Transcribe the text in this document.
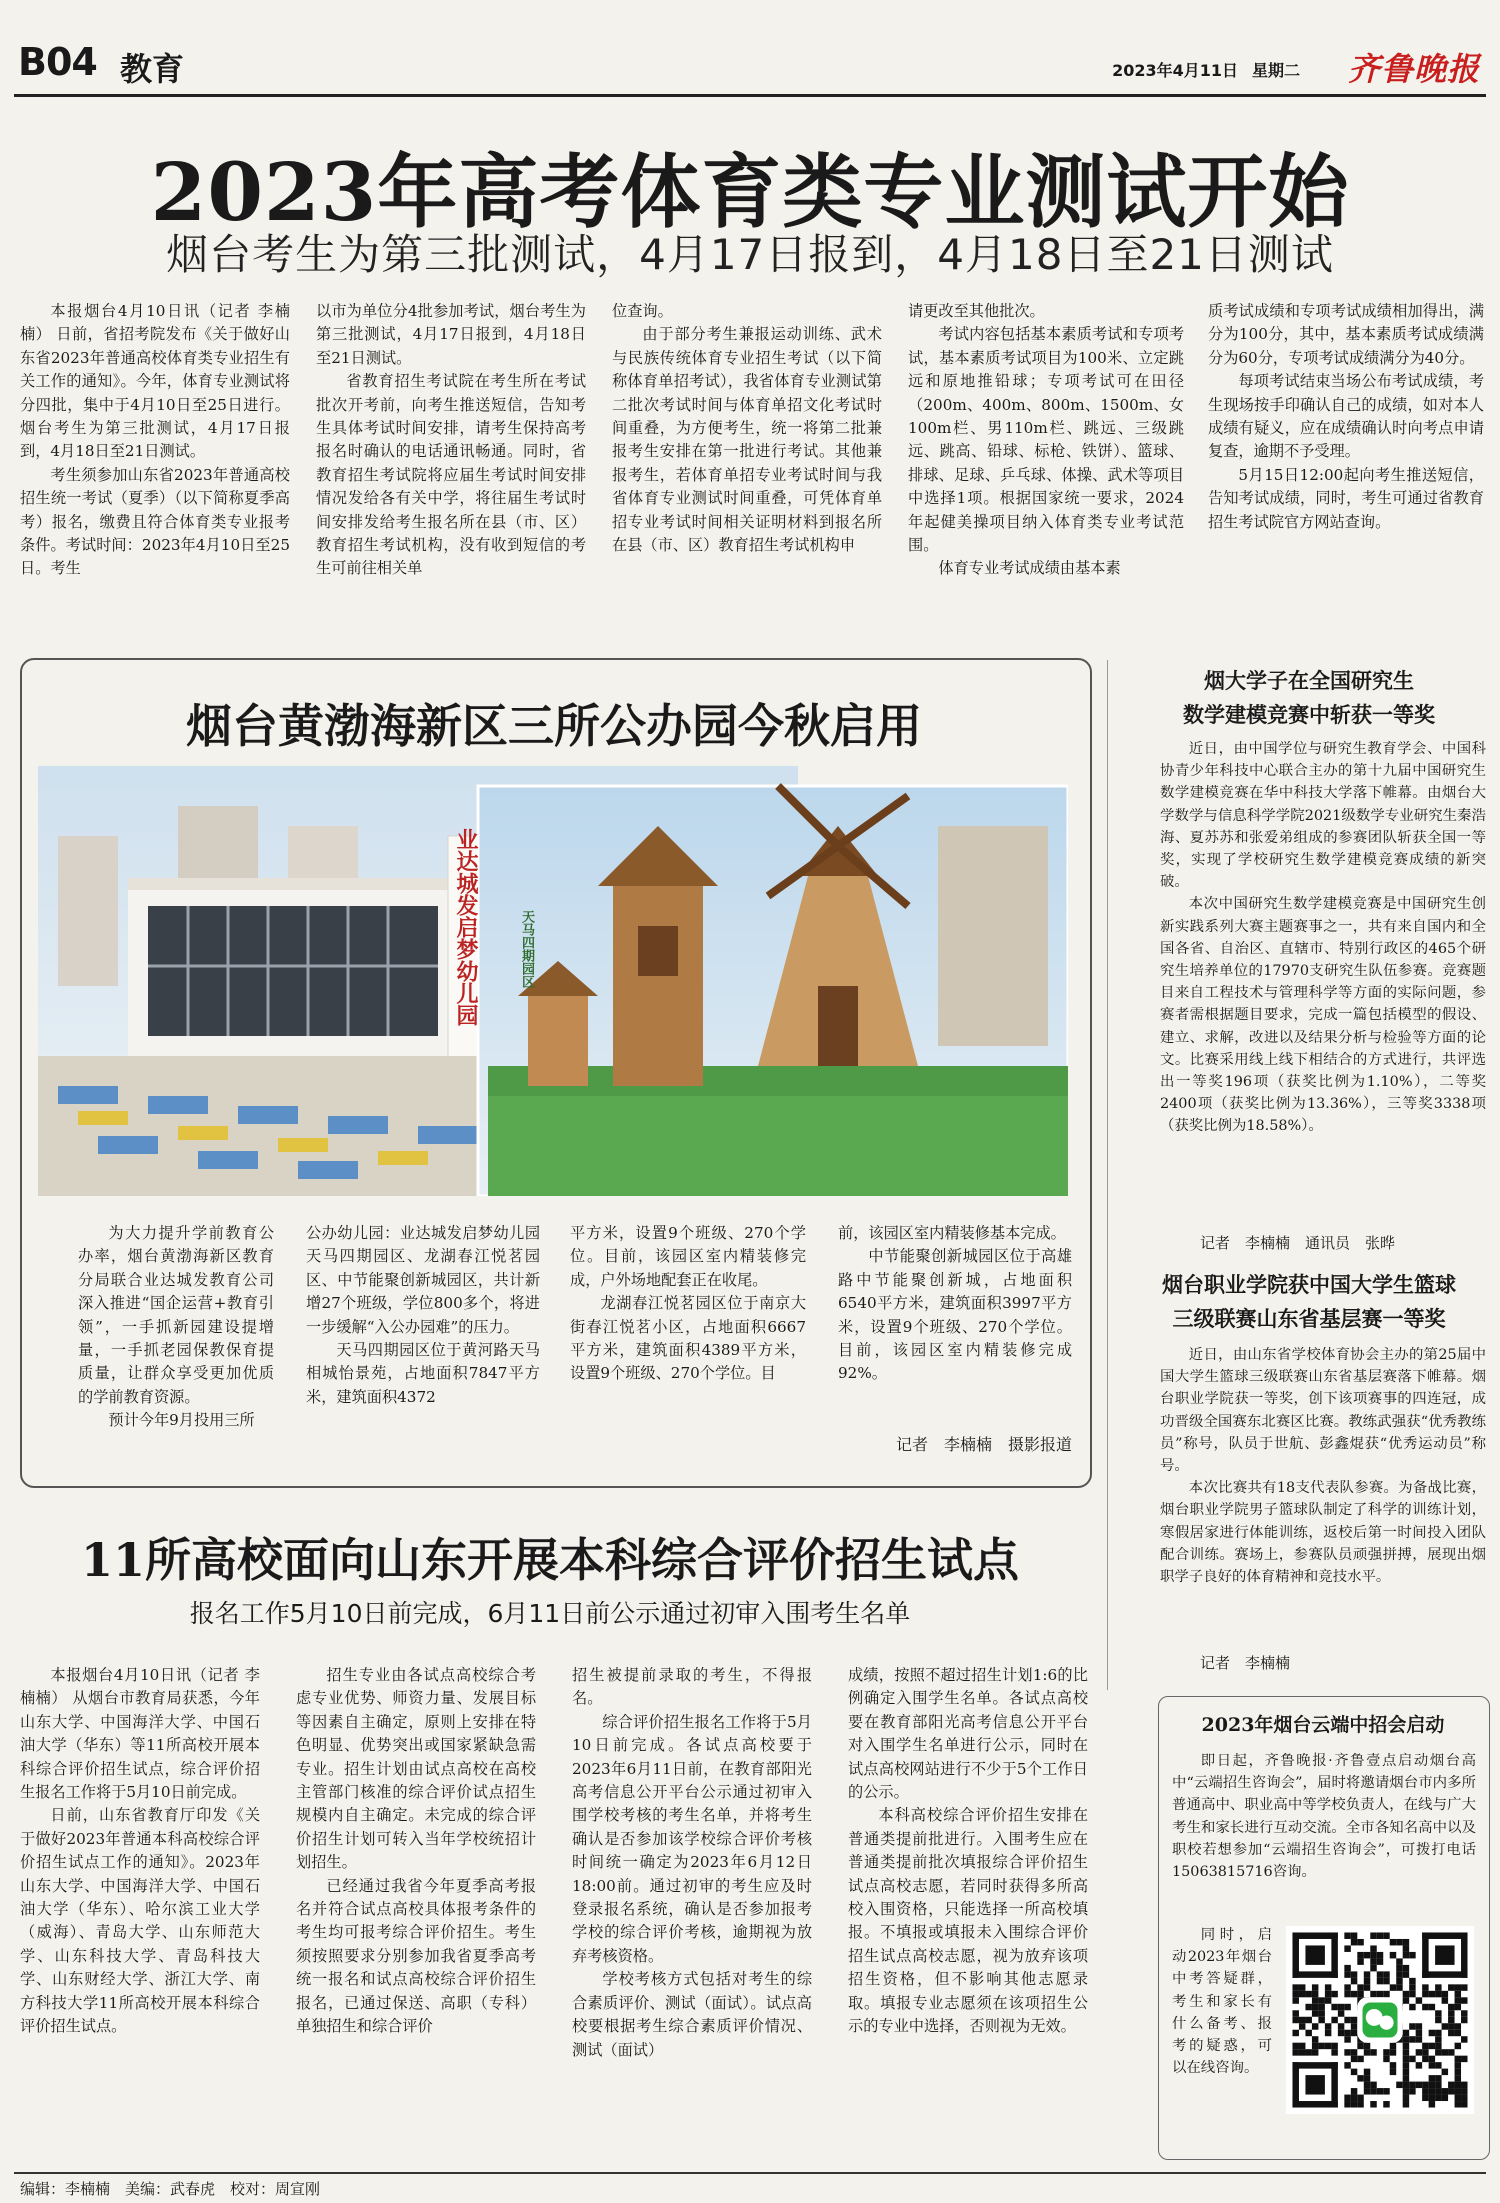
B04 教育	2023年4月11日 星期二 齐鲁晚报
2023年高考体育类专业测试开始
烟台考生为第三批测试，4月17日报到，4月18日至21日测试

本报烟台4月10日讯（记者 李楠楠） 日前，省招考院发布《关于做好山东省2023年普通高校体育类专业招生有关工作的通知》。今年，体育专业测试将分四批，集中于4月10日至25日进行。烟台考生为第三批测试，4月17日报到，4月18日至21日测试。

考生须参加山东省2023年普通高校招生统一考试（夏季）（以下简称夏季高考）报名，缴费且符合体育类专业报考条件。考试时间：2023年4月10日至25日。考生

以市为单位分4批参加考试，烟台考生为第三批测试，4月17日报到，4月18日至21日测试。

省教育招生考试院在考生所在考试批次开考前，向考生推送短信，告知考生具体考试时间安排，请考生保持高考报名时确认的电话通讯畅通。同时，省教育招生考试院将应届生考试时间安排情况发给各有关中学，将往届生考试时间安排发给考生报名所在县（市、区）教育招生考试机构，没有收到短信的考生可前往相关单

位查询。

由于部分考生兼报运动训练、武术与民族传统体育专业招生考试（以下简称体育单招考试），我省体育专业测试第二批次考试时间与体育单招文化考试时间重叠，为方便考生，统一将第二批兼报考生安排在第一批进行考试。其他兼报考生，若体育单招专业考试时间与我省体育专业测试时间重叠，可凭体育单招专业考试时间相关证明材料到报名所在县（市、区）教育招生考试机构申

请更改至其他批次。

考试内容包括基本素质考试和专项考试，基本素质考试项目为100米、立定跳远和原地推铅球；专项考试可在田径（200m、400m、800m、1500m、女100m栏、男110m栏、跳远、三级跳远、跳高、铅球、标枪、铁饼）、篮球、排球、足球、乒乓球、体操、武术等项目中选择1项。根据国家统一要求，2024年起健美操项目纳入体育类专业考试范围。

体育专业考试成绩由基本素

质考试成绩和专项考试成绩相加得出，满分为100分，其中，基本素质考试成绩满分为60分，专项考试成绩满分为40分。

每项考试结束当场公布考试成绩，考生现场按手印确认自己的成绩，如对本人成绩有疑义，应在成绩确认时向考点申请复查，逾期不予受理。

5月15日12:00起向考生推送短信，告知考试成绩，同时，考生可通过省教育招生考试院官方网站查询。

烟台黄渤海新区三所公办园今秋启用
业达城发启梦幼儿园	天马四期园区

为大力提升学前教育公办率，烟台黄渤海新区教育分局联合业达城发教育公司深入推进“国企运营+教育引领”，一手抓新园建设提增量，一手抓老园保教保育提质量，让群众享受更加优质的学前教育资源。

预计今年9月投用三所

公办幼儿园：业达城发启梦幼儿园天马四期园区、龙湖春江悦茗园区、中节能聚创新城园区，共计新增27个班级，学位800多个，将进一步缓解“入公办园难”的压力。

天马四期园区位于黄河路天马相城怡景苑，占地面积7847平方米，建筑面积4372

平方米，设置9个班级、270个学位。目前，该园区室内精装修完成，户外场地配套正在收尾。

龙湖春江悦茗园区位于南京大街春江悦茗小区，占地面积6667平方米，建筑面积4389平方米，设置9个班级、270个学位。目

前，该园区室内精装修基本完成。

中节能聚创新城园区位于高雄路中节能聚创新城，占地面积6540平方米，建筑面积3997平方米，设置9个班级、270个学位。目前，该园区室内精装修完成92%。

记者　李楠楠　摄影报道
烟大学子在全国研究生
数学建模竞赛中斩获一等奖

近日，由中国学位与研究生教育学会、中国科协青少年科技中心联合主办的第十九届中国研究生数学建模竞赛在华中科技大学落下帷幕。由烟台大学数学与信息科学学院2021级数学专业研究生秦浩海、夏苏苏和张爱弟组成的参赛团队斩获全国一等奖，实现了学校研究生数学建模竞赛成绩的新突破。

本次中国研究生数学建模竞赛是中国研究生创新实践系列大赛主题赛事之一，共有来自国内和全国各省、自治区、直辖市、特别行政区的465个研究生培养单位的17970支研究生队伍参赛。竞赛题目来自工程技术与管理科学等方面的实际问题，参赛者需根据题目要求，完成一篇包括模型的假设、建立、求解，改进以及结果分析与检验等方面的论文。比赛采用线上线下相结合的方式进行，共评选出一等奖196项（获奖比例为1.10%），二等奖2400项（获奖比例为13.36%），三等奖3338项（获奖比例为18.58%）。

记者　李楠楠　通讯员　张晔
烟台职业学院获中国大学生篮球
三级联赛山东省基层赛一等奖

近日，由山东省学校体育协会主办的第25届中国大学生篮球三级联赛山东省基层赛落下帷幕。烟台职业学院获一等奖，创下该项赛事的四连冠，成功晋级全国赛东北赛区比赛。教练武强获“优秀教练员”称号，队员于世航、彭鑫焜获“优秀运动员”称号。

本次比赛共有18支代表队参赛。为备战比赛，烟台职业学院男子篮球队制定了科学的训练计划，寒假居家进行体能训练，返校后第一时间投入团队配合训练。赛场上，参赛队员顽强拼搏，展现出烟职学子良好的体育精神和竞技水平。

记者　李楠楠
2023年烟台云端中招会启动

即日起，齐鲁晚报·齐鲁壹点启动烟台高中“云端招生咨询会”，届时将邀请烟台市内多所普通高中、职业高中等学校负责人，在线与广大考生和家长进行互动交流。全市各知名高中以及职校若想参加“云端招生咨询会”，可拨打电话15063815716咨询。

同时，启动2023年烟台中考答疑群，考生和家长有什么备考、报考的疑惑，可以在线咨询。

11所高校面向山东开展本科综合评价招生试点
报名工作5月10日前完成，6月11日前公示通过初审入围考生名单

本报烟台4月10日讯（记者 李楠楠） 从烟台市教育局获悉，今年山东大学、中国海洋大学、中国石油大学（华东）等11所高校开展本科综合评价招生试点，综合评价招生报名工作将于5月10日前完成。

日前，山东省教育厅印发《关于做好2023年普通本科高校综合评价招生试点工作的通知》。2023年山东大学、中国海洋大学、中国石油大学（华东）、哈尔滨工业大学（威海）、青岛大学、山东师范大学、山东科技大学、青岛科技大学、山东财经大学、浙江大学、南方科技大学11所高校开展本科综合评价招生试点。

招生专业由各试点高校综合考虑专业优势、师资力量、发展目标等因素自主确定，原则上安排在特色明显、优势突出或国家紧缺急需专业。招生计划由试点高校在高校主管部门核准的综合评价试点招生规模内自主确定。未完成的综合评价招生计划可转入当年学校统招计划招生。

已经通过我省今年夏季高考报名并符合试点高校具体报考条件的考生均可报考综合评价招生。考生须按照要求分别参加我省夏季高考统一报名和试点高校综合评价招生报名，已通过保送、高职（专科）单独招生和综合评价

招生被提前录取的考生，不得报名。

综合评价招生报名工作将于5月10日前完成。各试点高校要于2023年6月11日前，在教育部阳光高考信息公开平台公示通过初审入围学校考核的考生名单，并将考生确认是否参加该学校综合评价考核时间统一确定为2023年6月12日18:00前。通过初审的考生应及时登录报名系统，确认是否参加报考学校的综合评价考核，逾期视为放弃考核资格。

学校考核方式包括对考生的综合素质评价、测试（面试）。试点高校要根据考生综合素质评价情况、测试（面试）

成绩，按照不超过招生计划1:6的比例确定入围学生名单。各试点高校要在教育部阳光高考信息公开平台对入围学生名单进行公示，同时在试点高校网站进行不少于5个工作日的公示。

本科高校综合评价招生安排在普通类提前批进行。入围考生应在普通类提前批次填报综合评价招生试点高校志愿，若同时获得多所高校入围资格，只能选择一所高校填报。不填报或填报未入围综合评价招生试点高校志愿，视为放弃该项招生资格，但不影响其他志愿录取。填报专业志愿须在该项招生公示的专业中选择，否则视为无效。

编辑：李楠楠　美编：武春虎　校对：周宣刚
